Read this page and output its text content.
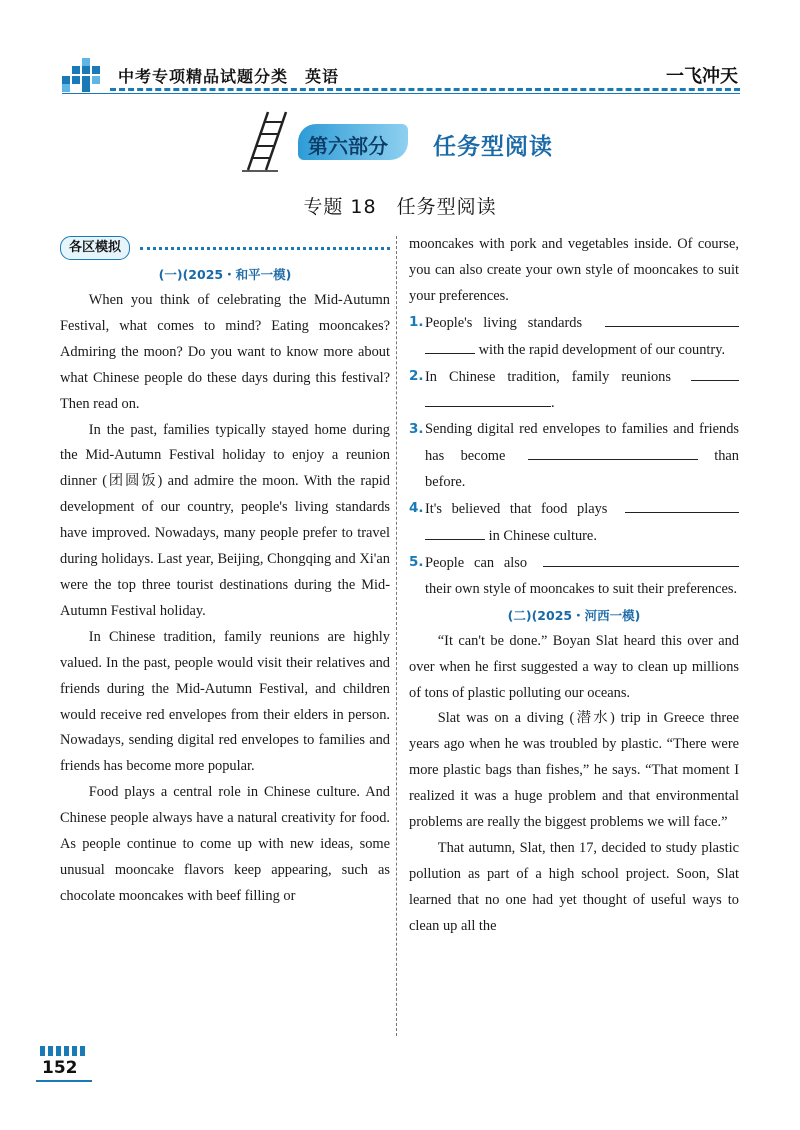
中考专项精品试题分类　英语	一飞冲天
第六部分 任务型阅读
专题 18　任务型阅读
各区模拟
(一)(2025・和平一模)

When you think of celebrating the Mid-Autumn Festival, what comes to mind? Eating mooncakes? Admiring the moon? Do you want to know more about what Chinese people do these days during this festival? Then read on.

In the past, families typically stayed home during the Mid-Autumn Festival holiday to enjoy a reunion dinner (团圆饭) and admire the moon. With the rapid development of our country, people's living standards have improved. Nowadays, many people prefer to travel during holidays. Last year, Beijing, Chongqing and Xi'an were the top three tourist destinations during the Mid-Autumn Festival holiday.

In Chinese tradition, family reunions are highly valued. In the past, people would visit their relatives and friends during the Mid-Autumn Festival, and children would receive red envelopes from their elders in person. Nowadays, sending digital red envelopes to families and friends has become more popular.

Food plays a central role in Chinese culture. And Chinese people always have a natural creativity for food. As people continue to come up with new ideas, some unusual mooncake flavors keep appearing, such as chocolate mooncakes with beef filling or

mooncakes with pork and vegetables inside. Of course, you can also create your own style of mooncakes to suit your preferences.

1. People's living standards   with the rapid development of our country.
2. In Chinese tradition, family reunions  .
3. Sending digital red envelopes to families and friends has become	than before.
4. It's believed that food plays   in Chinese culture.
5. People can also  their own style of mooncakes to suit their preferences.
(二)(2025・河西一模)

“It can't be done.” Boyan Slat heard this over and over when he first suggested a way to clean up millions of tons of plastic polluting our oceans.

Slat was on a diving (潜水) trip in Greece three years ago when he was troubled by plastic. “There were more plastic bags than fishes,” he says. “That moment I realized it was a huge problem and that environmental problems are really the biggest problems we will face.”

That autumn, Slat, then 17, decided to study plastic pollution as part of a high school project. Soon, Slat learned that no one had yet thought of useful ways to clean up all the

152
